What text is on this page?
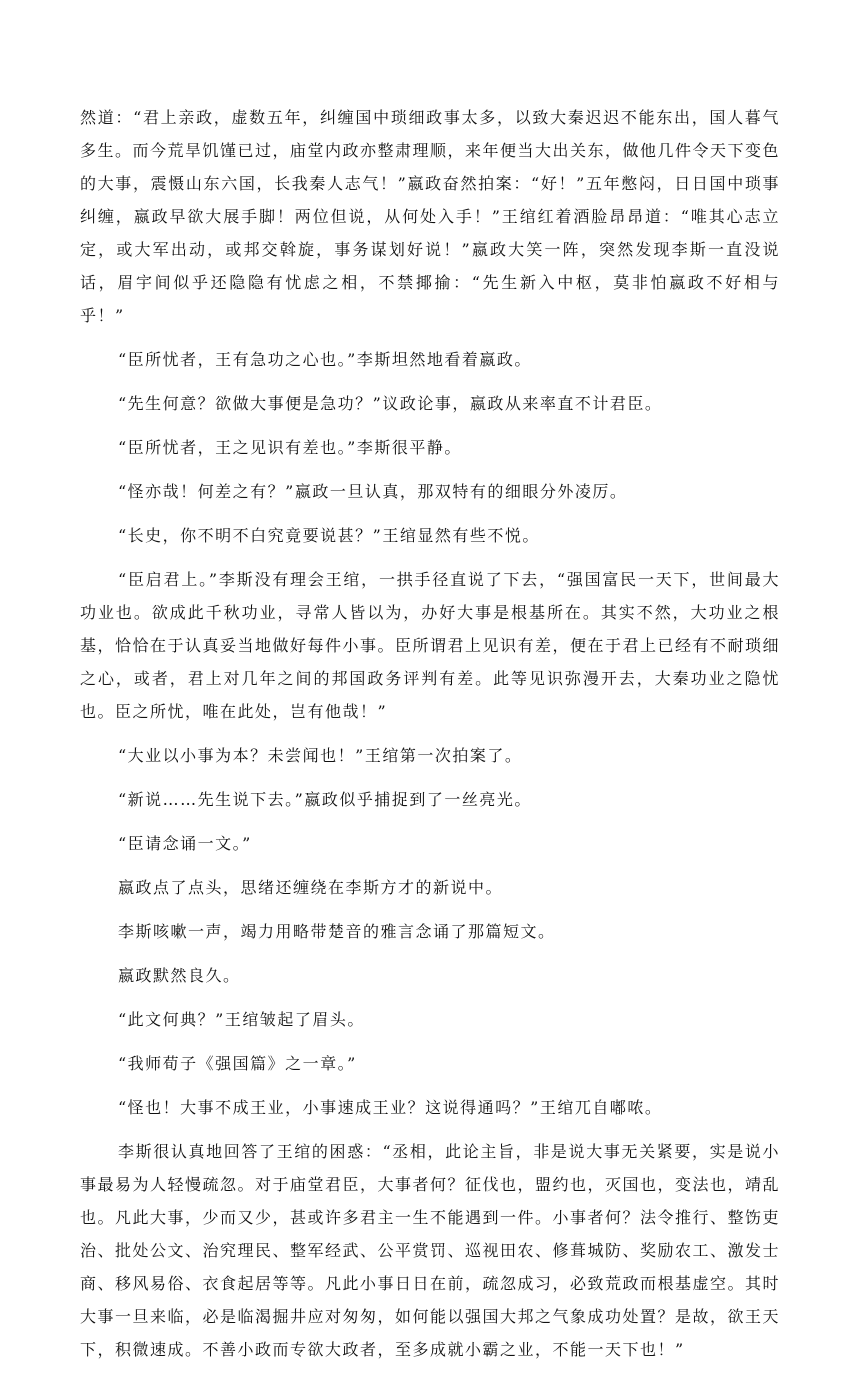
然道：“君上亲政，虚数五年，纠缠国中琐细政事太多，以致大秦迟迟不能东出，国人暮气多生。而今荒旱饥馑已过，庙堂内政亦整肃理顺，来年便当大出关东，做他几件令天下变色的大事，震慑山东六国，长我秦人志气！”嬴政奋然拍案：“好！”五年憋闷，日日国中琐事纠缠，嬴政早欲大展手脚！两位但说，从何处入手！”王绾红着酒脸昂昂道：“唯其心志立定，或大军出动，或邦交斡旋，事务谋划好说！”嬴政大笑一阵，突然发现李斯一直没说话，眉宇间似乎还隐隐有忧虑之相，不禁揶揄：“先生新入中枢，莫非怕嬴政不好相与乎！”

“臣所忧者，王有急功之心也。”李斯坦然地看着嬴政。

“先生何意？欲做大事便是急功？”议政论事，嬴政从来率直不计君臣。

“臣所忧者，王之见识有差也。”李斯很平静。

“怪亦哉！何差之有？”嬴政一旦认真，那双特有的细眼分外凌厉。

“长史，你不明不白究竟要说甚？”王绾显然有些不悦。

“臣启君上。”李斯没有理会王绾，一拱手径直说了下去，“强国富民一天下，世间最大功业也。欲成此千秋功业，寻常人皆以为，办好大事是根基所在。其实不然，大功业之根基，恰恰在于认真妥当地做好每件小事。臣所谓君上见识有差，便在于君上已经有不耐琐细之心，或者，君上对几年之间的邦国政务评判有差。此等见识弥漫开去，大秦功业之隐忧也。臣之所忧，唯在此处，岂有他哉！”

“大业以小事为本？未尝闻也！”王绾第一次拍案了。

“新说……先生说下去。”嬴政似乎捕捉到了一丝亮光。

“臣请念诵一文。”

嬴政点了点头，思绪还缠绕在李斯方才的新说中。

李斯咳嗽一声，竭力用略带楚音的雅言念诵了那篇短文。

嬴政默然良久。

“此文何典？”王绾皱起了眉头。

“我师荀子《强国篇》之一章。”

“怪也！大事不成王业，小事速成王业？这说得通吗？”王绾兀自嘟哝。

李斯很认真地回答了王绾的困惑：“丞相，此论主旨，非是说大事无关紧要，实是说小事最易为人轻慢疏忽。对于庙堂君臣，大事者何？征伐也，盟约也，灭国也，变法也，靖乱也。凡此大事，少而又少，甚或许多君主一生不能遇到一件。小事者何？法令推行、整饬吏治、批处公文、治究理民、整军经武、公平赏罚、巡视田农、修葺城防、奖励农工、激发士商、移风易俗、衣食起居等等。凡此小事日日在前，疏忽成习，必致荒政而根基虚空。其时大事一旦来临，必是临渴掘井应对匆匆，如何能以强国大邦之气象成功处置？是故，欲王天下，积微速成。不善小政而专欲大政者，至多成就小霸之业，不能一天下也！”
